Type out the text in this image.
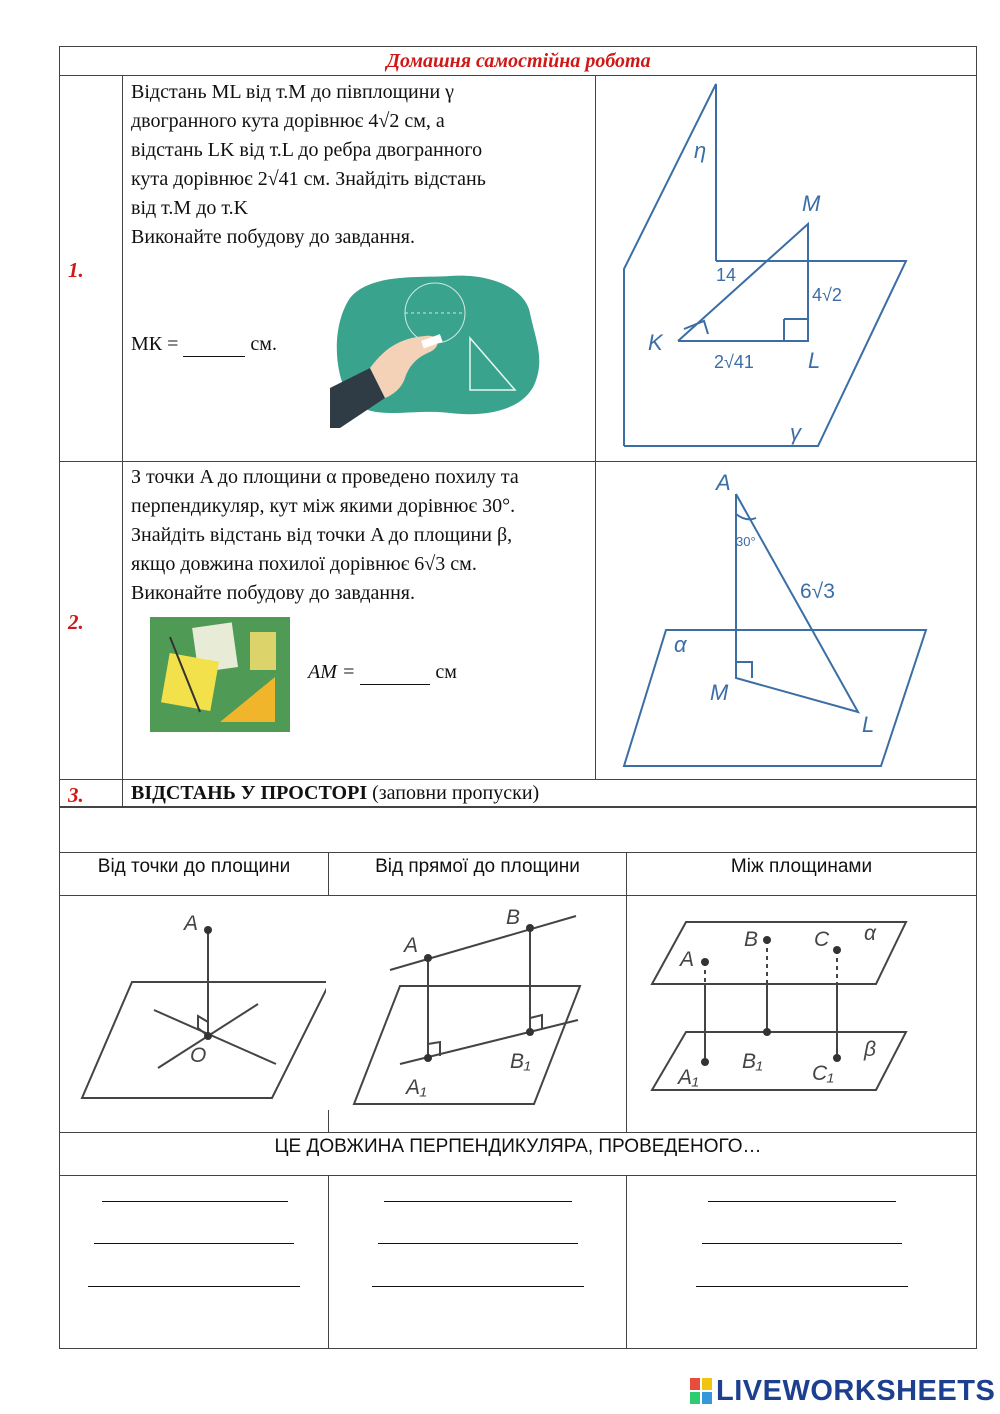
Домашня самостійна робота
1.
Відстань ML від т.M до півплощини γ
двогранного кута дорівнює 4√2 см, а
відстань LK від т.L до ребра двогранного
кута дорівнює 2√41 см. Знайдіть відстань
від т.M до т.K
Виконайте побудову до завдання.
МК =	см.
η
M
14
4√2
K
2√41 L
γ
2.
З точки A до площини α проведено похилу та
перпендикуляр, кут між якими дорівнює 30°.
Знайдіть відстань від точки A до площини β,
якщо довжина похилої дорівнює 6√3 см.
Виконайте побудову до завдання.
AM =	см
A
30°
6√3
α
M
L
3. ВІДСТАНЬ У ПРОСТОРІ (заповни пропуски)
Від точки до площини	Від прямої до площини	Між площинами
A
O
A
B
A₁
B₁
A
B	C α
β
A₁
B₁
C₁
ЦЕ ДОВЖИНА ПЕРПЕНДИКУЛЯРА, ПРОВЕДЕНОГО…
LIVEWORKSHEETS
